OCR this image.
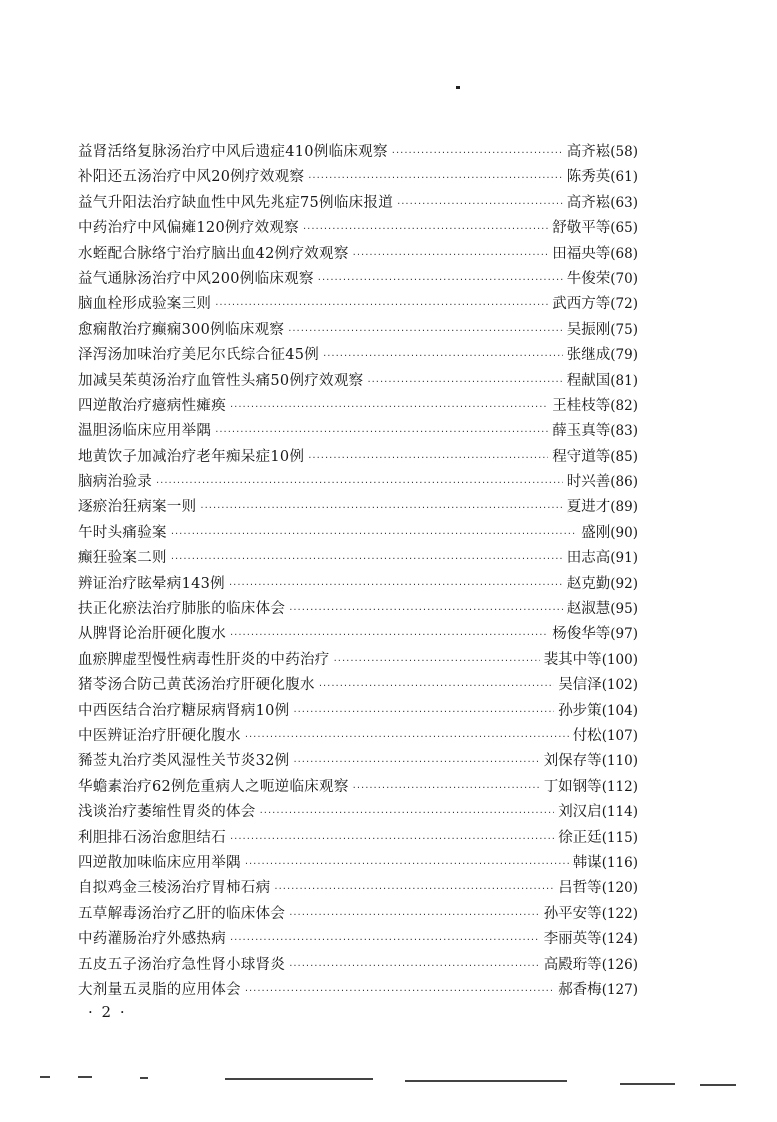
益肾活络复脉汤治疗中风后遗症410例临床观察 ·····	高齐崧 (58)
补阳还五汤治疗中风20例疗效观察 ·····	陈秀英 (61)
益气升阳法治疗缺血性中风先兆症75例临床报道 ·····	高齐崧 (63)
中药治疗中风偏瘫120例疗效观察 ·····	舒敬平等 (65)
水蛭配合脉络宁治疗脑出血42例疗效观察 ·····	田福央等 (68)
益气通脉汤治疗中风200例临床观察 ·····	牛俊荣 (70)
脑血栓形成验案三则 ·····	武西方等 (72)
愈痫散治疗癫痫300例临床观察 ·····	吴振刚 (75)
泽泻汤加味治疗美尼尔氏综合征45例 ·····	张继成 (79)
加减吴茱萸汤治疗血管性头痛50例疗效观察 ·····	程献国 (81)
四逆散治疗癔病性瘫痪 ·····	王桂枝等 (82)
温胆汤临床应用举隅 ·····	薛玉真等 (83)
地黄饮子加减治疗老年痴呆症10例 ·····	程守道等 (85)
脑病治验录 ·····	时兴善 (86)
逐瘀治狂病案一则 ·····	夏进才 (89)
午时头痛验案 ·····	盛刚 (90)
癫狂验案二则 ·····	田志高 (91)
辨证治疗眩晕病143例 ·····	赵克勤 (92)
扶正化瘀法治疗肺胀的临床体会 ·····	赵淑慧 (95)
从脾肾论治肝硬化腹水 ·····	杨俊华等 (97)
血瘀脾虚型慢性病毒性肝炎的中药治疗 ·····	裴其中等 (100)
猪苓汤合防己黄芪汤治疗肝硬化腹水 ·····	吴信泽 (102)
中西医结合治疗糖尿病肾病10例 ·····	孙步策 (104)
中医辨证治疗肝硬化腹水 ·····	付松 (107)
豨莶丸治疗类风湿性关节炎32例 ·····	刘保存等 (110)
华蟾素治疗62例危重病人之呃逆临床观察 ·····	丁如钢等 (112)
浅谈治疗萎缩性胃炎的体会 ·····	刘汉启 (114)
利胆排石汤治愈胆结石 ·····	徐正廷 (115)
四逆散加味临床应用举隅 ·····	韩谋 (116)
自拟鸡金三棱汤治疗胃柿石病 ·····	吕哲等 (120)
五草解毒汤治疗乙肝的临床体会 ·····	孙平安等 (122)
中药灌肠治疗外感热病 ·····	李丽英等 (124)
五皮五子汤治疗急性肾小球肾炎 ·····	高殿珩等 (126)
大剂量五灵脂的应用体会 ·····	郝香梅 (127)
· 2 ·
